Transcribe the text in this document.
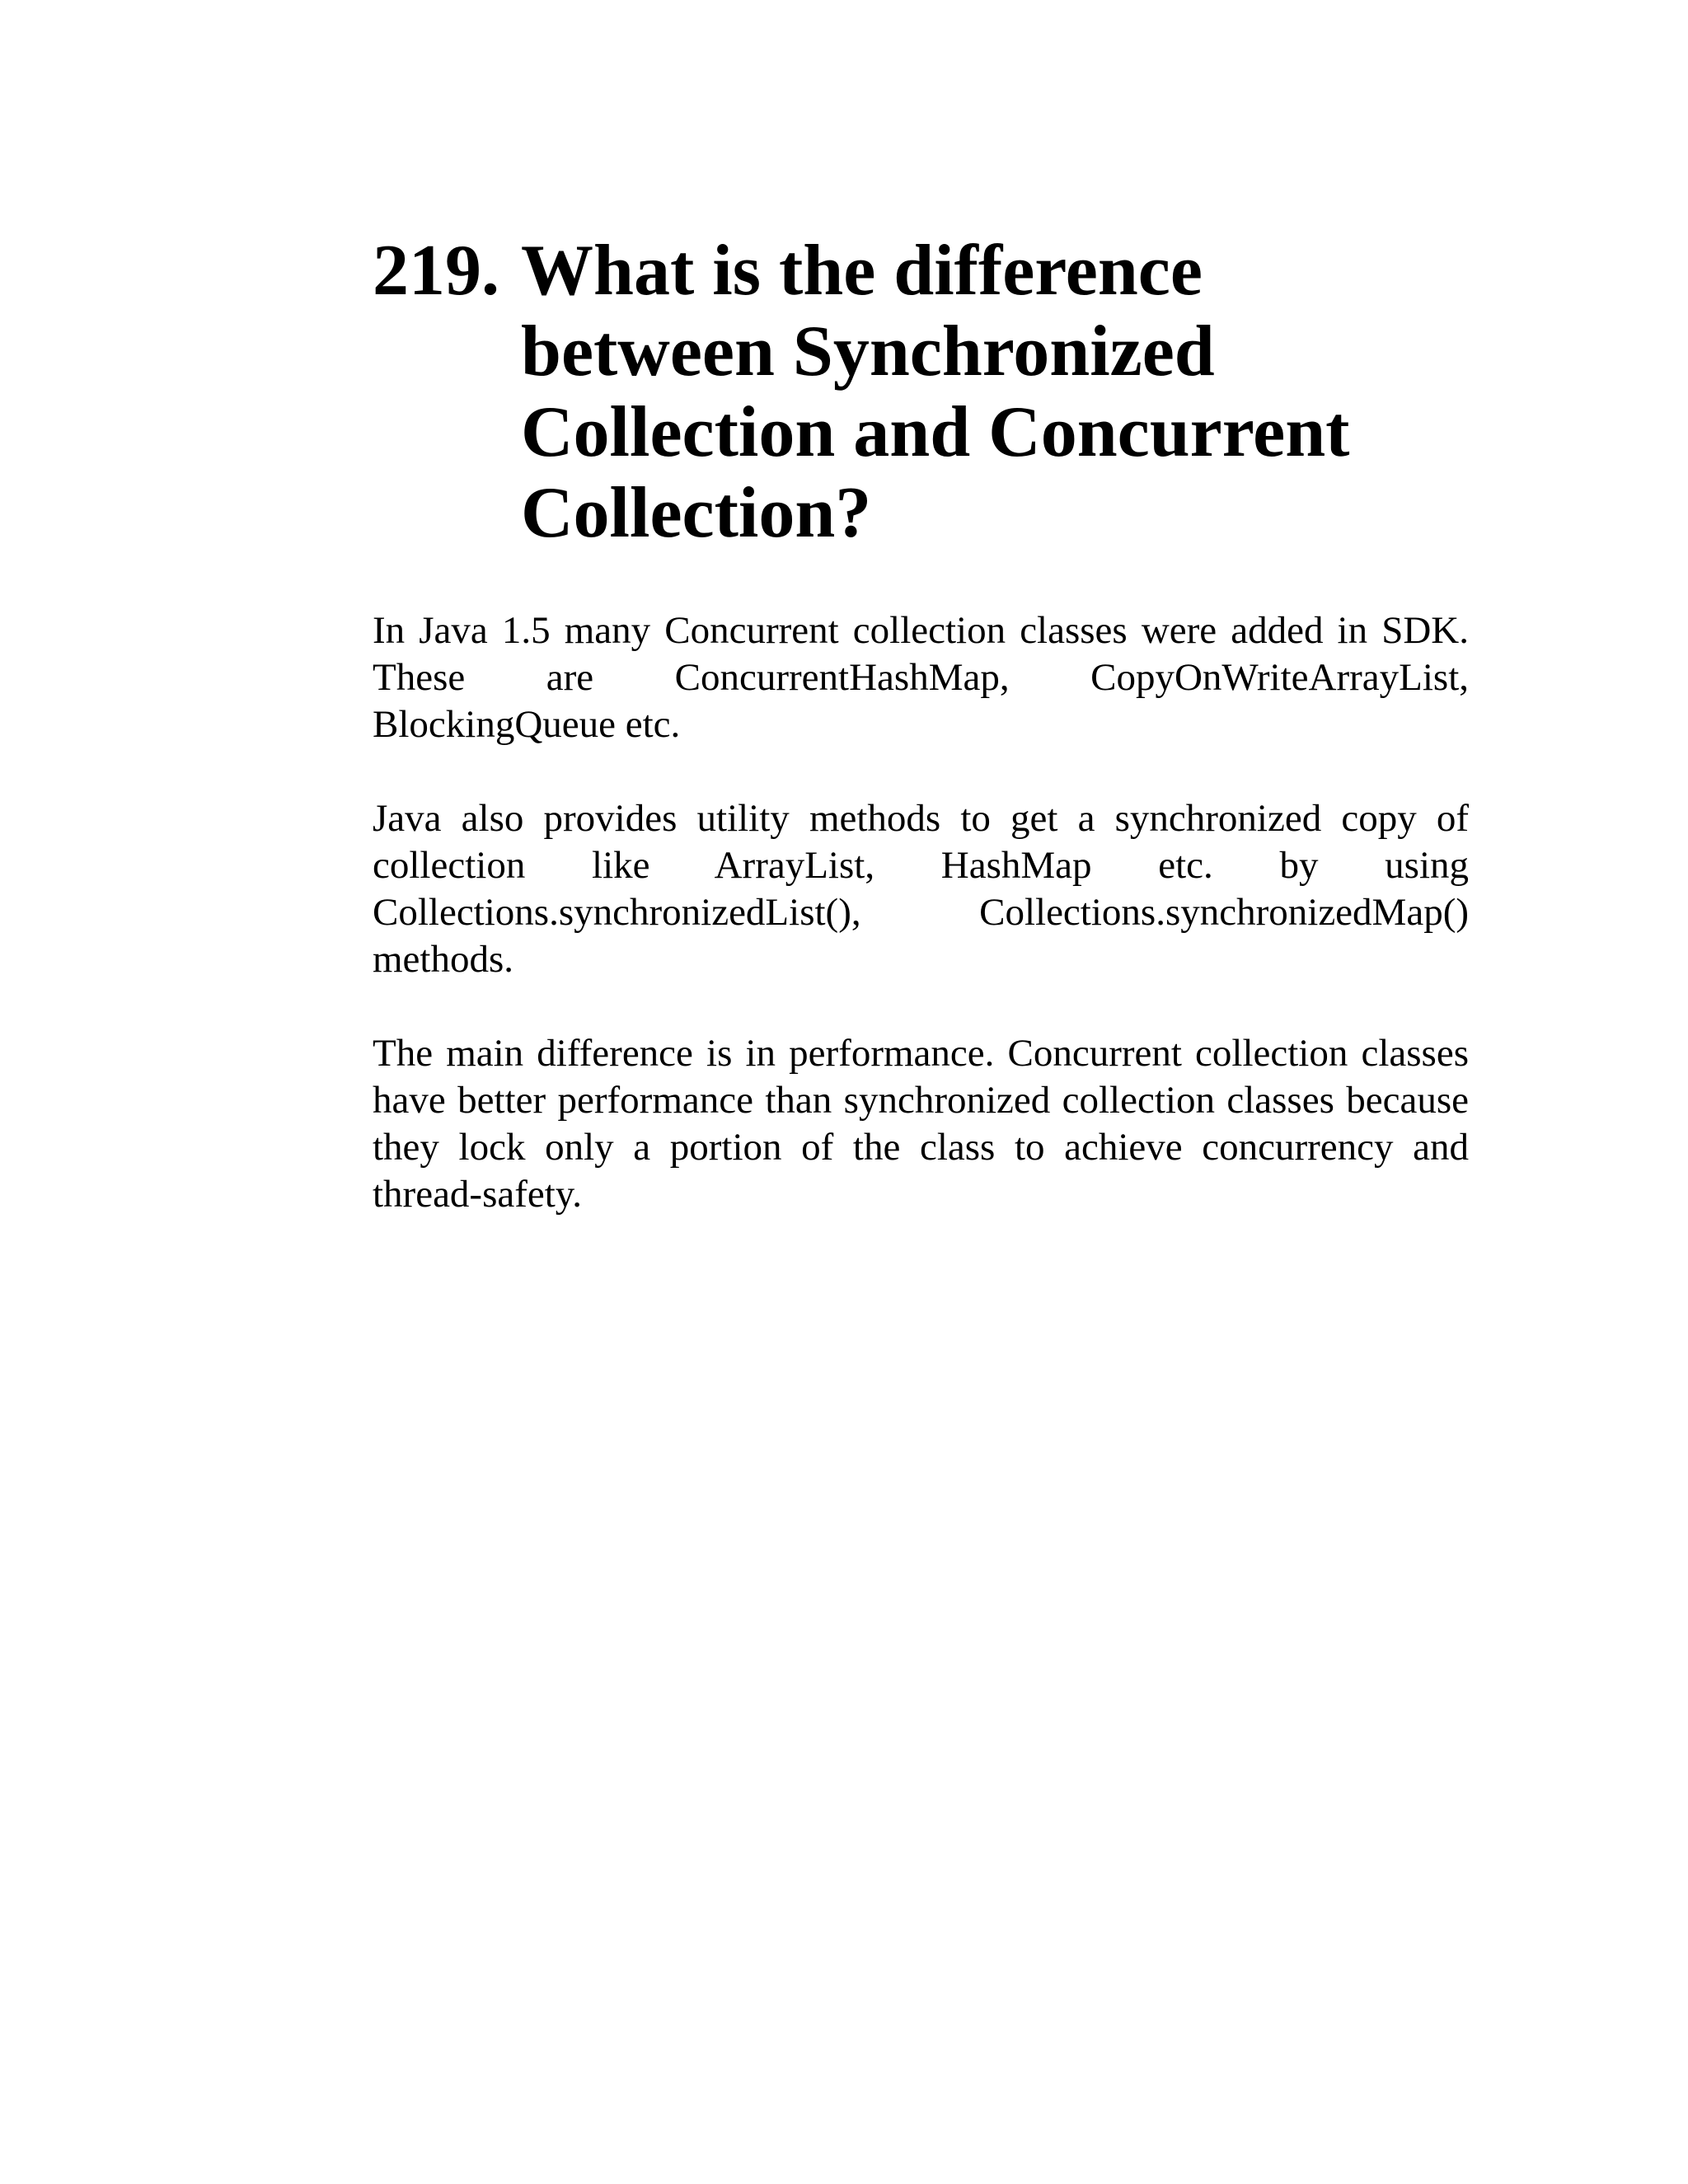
219. What is the difference between Synchronized Collection and Concurrent Collection?

In Java 1.5 many Concurrent collection classes were added in SDK. These are ConcurrentHashMap, CopyOnWriteArrayList, BlockingQueue etc.

Java also provides utility methods to get a synchronized copy of collection like ArrayList, HashMap etc. by using Collections.synchronizedList(), Collections.synchronizedMap() methods.

The main difference is in performance. Concurrent collection classes have better performance than synchronized collection classes because they lock only a portion of the class to achieve concurrency and thread-safety.
